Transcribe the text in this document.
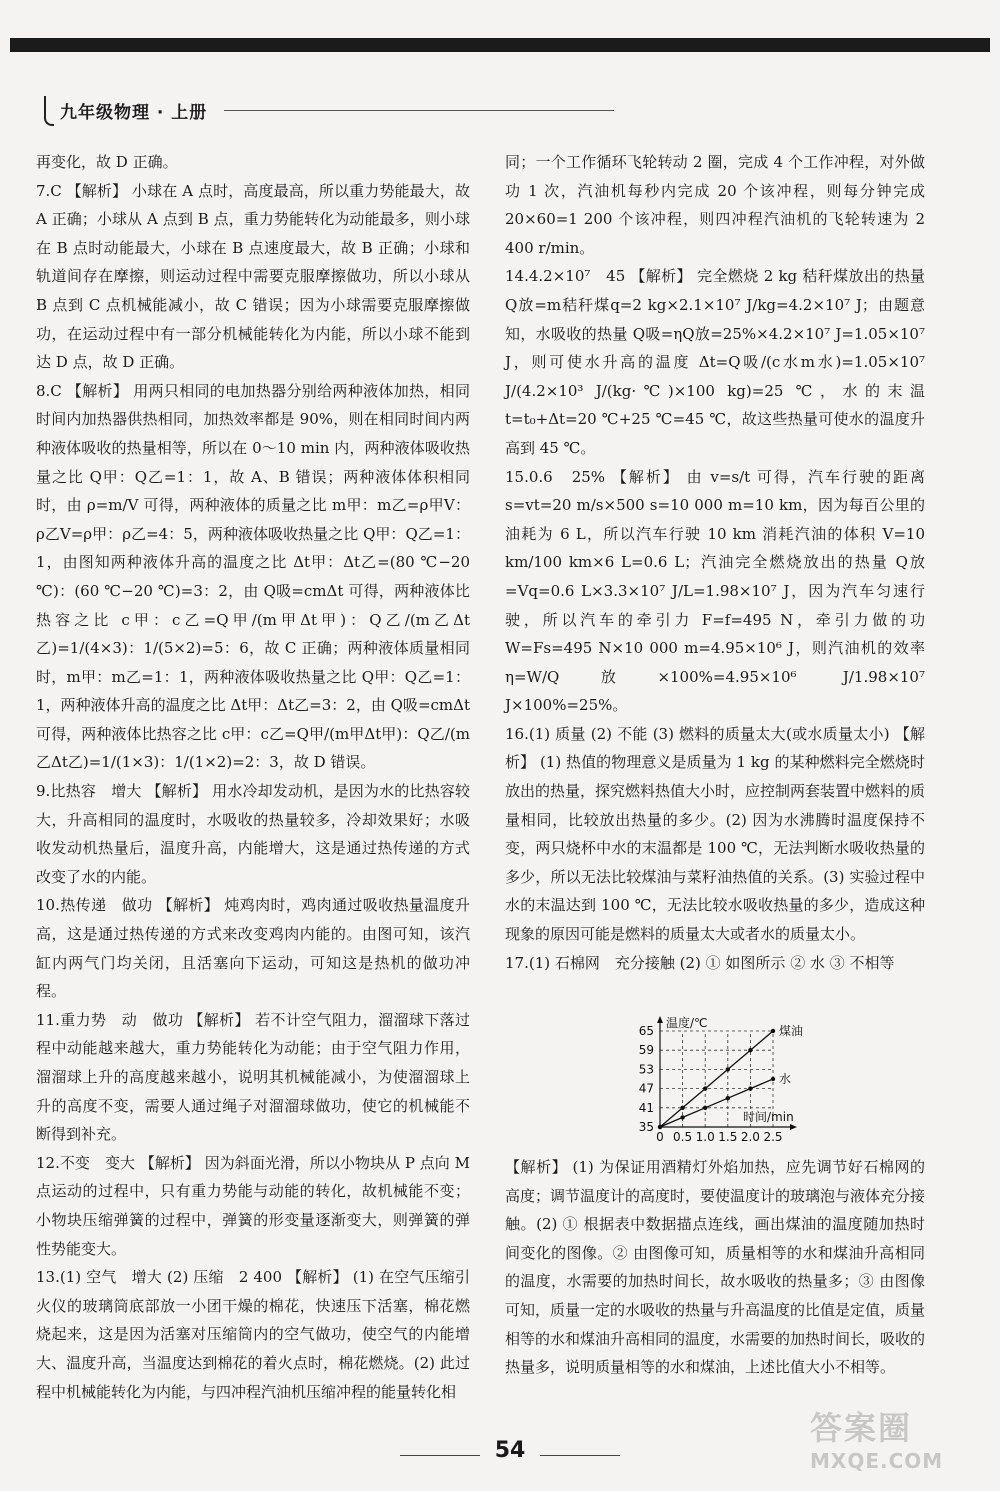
九年级物理 · 上册

再变化，故 D 正确。

7.C 【解析】 小球在 A 点时，高度最高，所以重力势能最大，故 A 正确；小球从 A 点到 B 点，重力势能转化为动能最多，则小球在 B 点时动能最大，小球在 B 点速度最大，故 B 正确；小球和轨道间存在摩擦，则运动过程中需要克服摩擦做功，所以小球从 B 点到 C 点机械能减小，故 C 错误；因为小球需要克服摩擦做功，在运动过程中有一部分机械能转化为内能，所以小球不能到达 D 点，故 D 正确。

8.C 【解析】 用两只相同的电加热器分别给两种液体加热，相同时间内加热器供热相同，加热效率都是 90%，则在相同时间内两种液体吸收的热量相等，所以在 0～10 min 内，两种液体吸收热量之比 Q甲：Q乙=1：1，故 A、B 错误；两种液体体积相同时，由 ρ=m/V 可得，两种液体的质量之比 m甲：m乙=ρ甲V：ρ乙V=ρ甲：ρ乙=4：5，两种液体吸收热量之比 Q甲：Q乙=1：1，由图知两种液体升高的温度之比 Δt甲：Δt乙=(80 ℃−20 ℃)：(60 ℃−20 ℃)=3：2，由 Q吸=cmΔt 可得，两种液体比热容之比 c甲：c乙=Q甲/(m甲Δt甲)：Q乙/(m乙Δt乙)=1/(4×3)：1/(5×2)=5：6，故 C 正确；两种液体质量相同时，m甲：m乙=1：1，两种液体吸收热量之比 Q甲：Q乙=1：1，两种液体升高的温度之比 Δt甲：Δt乙=3：2，由 Q吸=cmΔt 可得，两种液体比热容之比 c甲：c乙=Q甲/(m甲Δt甲)：Q乙/(m乙Δt乙)=1/(1×3)：1/(1×2)=2：3，故 D 错误。

9.比热容　增大 【解析】 用水冷却发动机，是因为水的比热容较大，升高相同的温度时，水吸收的热量较多，冷却效果好；水吸收发动机热量后，温度升高，内能增大，这是通过热传递的方式改变了水的内能。

10.热传递　做功 【解析】 炖鸡肉时，鸡肉通过吸收热量温度升高，这是通过热传递的方式来改变鸡肉内能的。由图可知，该汽缸内两气门均关闭，且活塞向下运动，可知这是热机的做功冲程。

11.重力势　动　做功 【解析】 若不计空气阻力，溜溜球下落过程中动能越来越大，重力势能转化为动能；由于空气阻力作用，溜溜球上升的高度越来越小，说明其机械能减小，为使溜溜球上升的高度不变，需要人通过绳子对溜溜球做功，使它的机械能不断得到补充。

12.不变　变大 【解析】 因为斜面光滑，所以小物块从 P 点向 M 点运动的过程中，只有重力势能与动能的转化，故机械能不变；小物块压缩弹簧的过程中，弹簧的形变量逐渐变大，则弹簧的弹性势能变大。

13.(1) 空气　增大 (2) 压缩　2 400 【解析】 (1) 在空气压缩引火仪的玻璃筒底部放一小团干燥的棉花，快速压下活塞，棉花燃烧起来，这是因为活塞对压缩筒内的空气做功，使空气的内能增大、温度升高，当温度达到棉花的着火点时，棉花燃烧。(2) 此过程中机械能转化为内能，与四冲程汽油机压缩冲程的能量转化相

同；一个工作循环飞轮转动 2 圈，完成 4 个工作冲程，对外做功 1 次，汽油机每秒内完成 20 个该冲程，则每分钟完成 20×60=1 200 个该冲程，则四冲程汽油机的飞轮转速为 2 400 r/min。

14.4.2×10⁷　45 【解析】 完全燃烧 2 kg 秸秆煤放出的热量 Q放=m秸秆煤q=2 kg×2.1×10⁷ J/kg=4.2×10⁷ J；由题意知，水吸收的热量 Q吸=ηQ放=25%×4.2×10⁷ J=1.05×10⁷ J，则可使水升高的温度 Δt=Q吸/(c水m水)=1.05×10⁷ J/(4.2×10³ J/(kg·℃)×100 kg)=25 ℃，水的末温 t=t₀+Δt=20 ℃+25 ℃=45 ℃，故这些热量可使水的温度升高到 45 ℃。

15.0.6　25% 【解析】 由 v=s/t 可得，汽车行驶的距离 s=vt=20 m/s×500 s=10 000 m=10 km，因为每百公里的油耗为 6 L，所以汽车行驶 10 km 消耗汽油的体积 V=10 km/100 km×6 L=0.6 L；汽油完全燃烧放出的热量 Q放=Vq=0.6 L×3.3×10⁷ J/L=1.98×10⁷ J，因为汽车匀速行驶，所以汽车的牵引力 F=f=495 N，牵引力做的功 W=Fs=495 N×10 000 m=4.95×10⁶ J，则汽油机的效率 η=W/Q放×100%=4.95×10⁶ J/1.98×10⁷ J×100%=25%。

16.(1) 质量 (2) 不能 (3) 燃料的质量太大(或水质量太小) 【解析】 (1) 热值的物理意义是质量为 1 kg 的某种燃料完全燃烧时放出的热量，探究燃料热值大小时，应控制两套装置中燃料的质量相同，比较放出热量的多少。(2) 因为水沸腾时温度保持不变，两只烧杯中水的末温都是 100 ℃，无法判断水吸收热量的多少，所以无法比较煤油与菜籽油热值的关系。(3) 实验过程中水的末温达到 100 ℃，无法比较水吸收热量的多少，造成这种现象的原因可能是燃料的质量太大或者水的质量太小。

17.(1) 石棉网　充分接触 (2) ① 如图所示 ② 水 ③ 不相等

温度/℃
时间/min
0 0.5 1.0 1.5 2.0 2.5
35
41
47
53
59
65	煤油
水

【解析】 (1) 为保证用酒精灯外焰加热，应先调节好石棉网的高度；调节温度计的高度时，要使温度计的玻璃泡与液体充分接触。(2) ① 根据表中数据描点连线，画出煤油的温度随加热时间变化的图像。② 由图像可知，质量相等的水和煤油升高相同的温度，水需要的加热时间长，故水吸收的热量多；③ 由图像可知，质量一定的水吸收的热量与升高温度的比值是定值，质量相等的水和煤油升高相同的温度，水需要的加热时间长，吸收的热量多，说明质量相等的水和煤油，上述比值大小不相等。

54
答案圈
MXQE.COM
